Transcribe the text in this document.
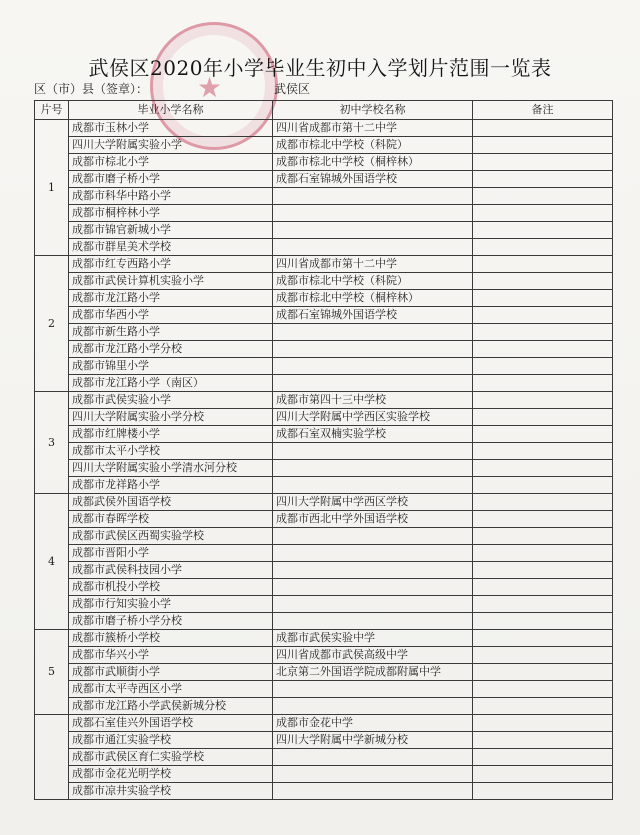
★
武侯区2020年小学毕业生初中入学划片范围一览表
区（市）县（签章）：	武侯区
片号	毕业小学名称	初中学校名称	备注
1	成都市玉林小学	四川省成都市第十二中学	
	四川大学附属实验小学	成都市棕北中学校（科院）	
	成都市棕北小学	成都市棕北中学校（桐梓林）	
	成都市磨子桥小学	成都石室锦城外国语学校	
	成都市科华中路小学		
	成都市桐梓林小学		
	成都市锦官新城小学		
	成都市群星美术学校		
2	成都市红专西路小学	四川省成都市第十二中学	
	成都市武侯计算机实验小学	成都市棕北中学校（科院）	
	成都市龙江路小学	成都市棕北中学校（桐梓林）	
	成都市华西小学	成都石室锦城外国语学校	
	成都市新生路小学		
	成都市龙江路小学分校		
	成都市锦里小学		
	成都市龙江路小学（南区）		
3	成都市武侯实验小学	成都市第四十三中学校	
	四川大学附属实验小学分校	四川大学附属中学西区实验学校	
	成都市红牌楼小学	成都石室双楠实验学校	
	成都市太平小学校		
	四川大学附属实验小学清水河分校		
	成都市龙祥路小学		
4	成都武侯外国语学校	四川大学附属中学西区学校	
	成都市春晖学校	成都市西北中学外国语学校	
	成都市武侯区西蜀实验学校		
	成都市晋阳小学		
	成都市武侯科技园小学		
	成都市机投小学校		
	成都市行知实验小学		
	成都市磨子桥小学分校		
5	成都市簇桥小学校	成都市武侯实验中学	
	成都市华兴小学	四川省成都市武侯高级中学	
	成都市武顺街小学	北京第二外国语学院成都附属中学	
	成都市太平寺西区小学		
	成都市龙江路小学武侯新城分校		
	成都石室佳兴外国语学校	成都市金花中学	
	成都市通江实验学校	四川大学附属中学新城分校	
	成都市武侯区育仁实验学校		
	成都市金花光明学校		
	成都市凉井实验学校		
